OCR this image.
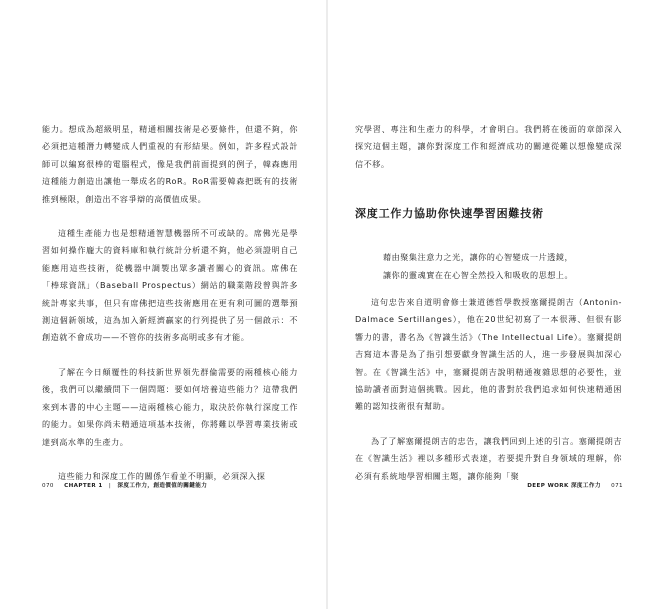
能力。想成為超級明星，精通相關技術是必要條件，但還不夠，你必須把這種潛力轉變成人們重視的有形結果。例如，許多程式設計師可以編寫很棒的電腦程式，像是我們前面提到的例子，韓森應用這種能力創造出讓他一舉成名的RoR。RoR需要韓森把既有的技術推到極限，創造出不容爭辯的高價值成果。

這種生產能力也是想精通智慧機器所不可或缺的。席佛光是學習如何操作龐大的資料庫和執行統計分析還不夠，他必須證明自己能應用這些技術，從機器中調製出眾多讀者關心的資訊。席佛在「棒球資訊」（Baseball Prospectus）網站的職業階段曾與許多統計專家共事，但只有席佛把這些技術應用在更有利可圖的選舉預測這個新領域，這為加入新經濟贏家的行列提供了另一個啟示：不創造就不會成功——不管你的技術多高明或多有才能。

了解在今日顛覆性的科技新世界領先群倫需要的兩種核心能力後，我們可以繼續問下一個問題：要如何培養這些能力？這帶我們來到本書的中心主題——這兩種核心能力，取決於你執行深度工作的能力。如果你尚未精通這項基本技術，你將難以學習專業技術或達到高水準的生產力。

這些能力和深度工作的關係乍看並不明顯，必須深入探

070 CHAPTER 1 | 深度工作力，創造價值的關鍵能力

究學習、專注和生產力的科學，才會明白。我們將在後面的章節深入探究這個主題，讓你對深度工作和經濟成功的關連從難以想像變成深信不移。

深度工作力協助你快速學習困難技術

藉由聚集注意力之光，讓你的心智變成一片透鏡，

讓你的靈魂實在在心智全然投入和吸收的思想上。

這句忠告來自道明會修士兼道德哲學教授塞爾提朗吉（Antonin-Dalmace Sertillanges），他在20世紀初寫了一本很薄、但很有影響力的書，書名為《智識生活》（The Intellectual Life）。塞爾提朗吉寫這本書是為了指引想要獻身智識生活的人，進一步發展與加深心智。在《智識生活》中，塞爾提朗吉說明精通複雜思想的必要性，並協助讀者面對這個挑戰。因此，他的書對於我們追求如何快速精通困難的認知技術很有幫助。

為了了解塞爾提朗吉的忠告，讓我們回到上述的引言。塞爾提朗吉在《智識生活》裡以多種形式表達，若要提升對自身領域的理解，你必須有系統地學習相關主題，讓你能夠「聚

DEEP WORK 深度工作力 071
